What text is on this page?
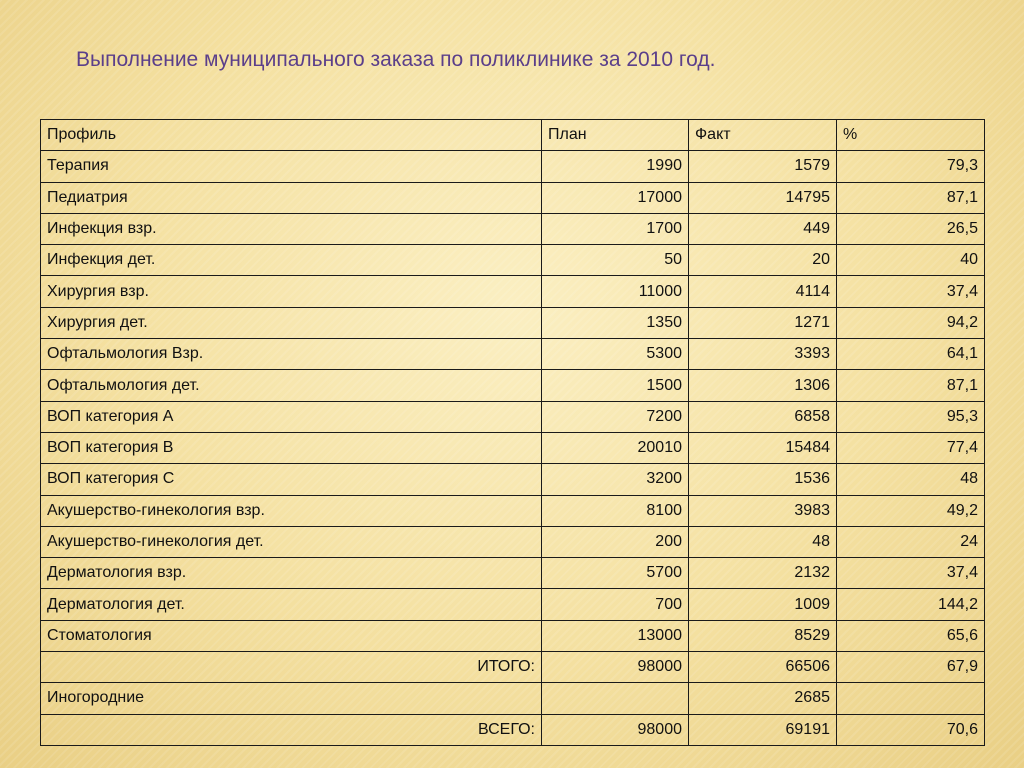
Выполнение муниципального заказа по поликлинике за 2010 год.
Профиль	План	Факт	%
Терапия	1990	1579	79,3
Педиатрия	17000	14795	87,1
Инфекция взр.	1700	449	26,5
Инфекция дет.	50	20	40
Хирургия взр.	11000	4114	37,4
Хирургия дет.	1350	1271	94,2
Офтальмология Взр.	5300	3393	64,1
Офтальмология дет.	1500	1306	87,1
ВОП категория А	7200	6858	95,3
ВОП категория В	20010	15484	77,4
ВОП категория С	3200	1536	48
Акушерство-гинекология взр.	8100	3983	49,2
Акушерство-гинекология дет.	200	48	24
Дерматология взр.	5700	2132	37,4
Дерматология дет.	700	1009	144,2
Стоматология	13000	8529	65,6
ИТОГО:	98000	66506	67,9
Иногородние		2685	
ВСЕГО:	98000	69191	70,6
